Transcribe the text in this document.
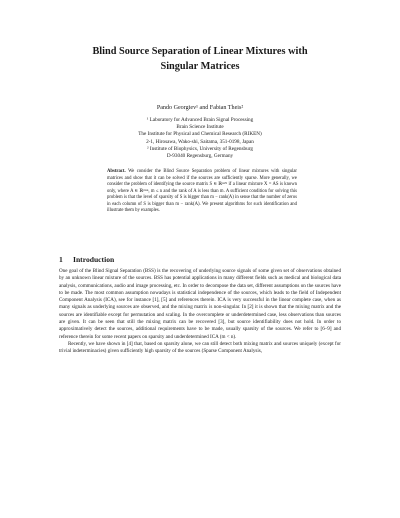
Blind Source Separation of Linear Mixtures with
Singular Matrices
Pando Georgiev¹ and Fabian Theis²
¹ Laboratory for Advanced Brain Signal Processing
Brain Science Institute
The Institute for Physical and Chemical Research (RIKEN)
2-1, Hirosawa, Wako-shi, Saitama, 351-0198, Japan
² Institute of Biophysics, University of Regensburg
D-93040 Regensburg, Germany
Abstract. We consider the Blind Source Separation problem of linear mixtures with singular matrices and show that it can be solved if the sources are sufficiently sparse. More generally, we consider the problem of identifying the source matrix S ∈ ℝⁿˣᴺ if a linear mixture X = AS is known only, where A ∈ ℝᵐˣⁿ, m ≤ n and the rank of A is less than m. A sufficient condition for solving this problem is that the level of sparsity of S is bigger than m − rank(A) in sense that the number of zeros in each column of S is bigger than m − rank(A). We present algorithms for such identification and illustrate them by examples.
1 Introduction

One goal of the Blind Signal Separation (BSS) is the recovering of underlying source signals of some given set of observations obtained by an unknown linear mixture of the sources. BSS has potential applications in many different fields such as medical and biological data analysis, communications, audio and image processing, etc. In order to decompose the data set, different assumptions on the sources have to be made. The most common assumption nowadays is statistical independence of the sources, which leads to the field of Independent Component Analysis (ICA), see for instance [1], [5] and references therein. ICA is very successful in the linear complete case, when as many signals as underlying sources are observed, and the mixing matrix is non-singular. In [2] it is shown that the mixing matrix and the sources are identifiable except for permutation and scaling. In the overcomplete or underdetermined case, less observations than sources are given. It can be seen that still the mixing matrix can be recovered [3], but source identifiability does not hold. In order to approximatively detect the sources, additional requirements have to be made, usually sparsity of the sources. We refer to [6–9] and reference therein for some recent papers on sparsity and underdetermined ICA (m < n).

Recently, we have shown in [4] that, based on sparsity alone, we can still detect both mixing matrix and sources uniquely (except for trivial indeterminacies) given sufficiently high sparsity of the sources (Sparse Component Analysis,
